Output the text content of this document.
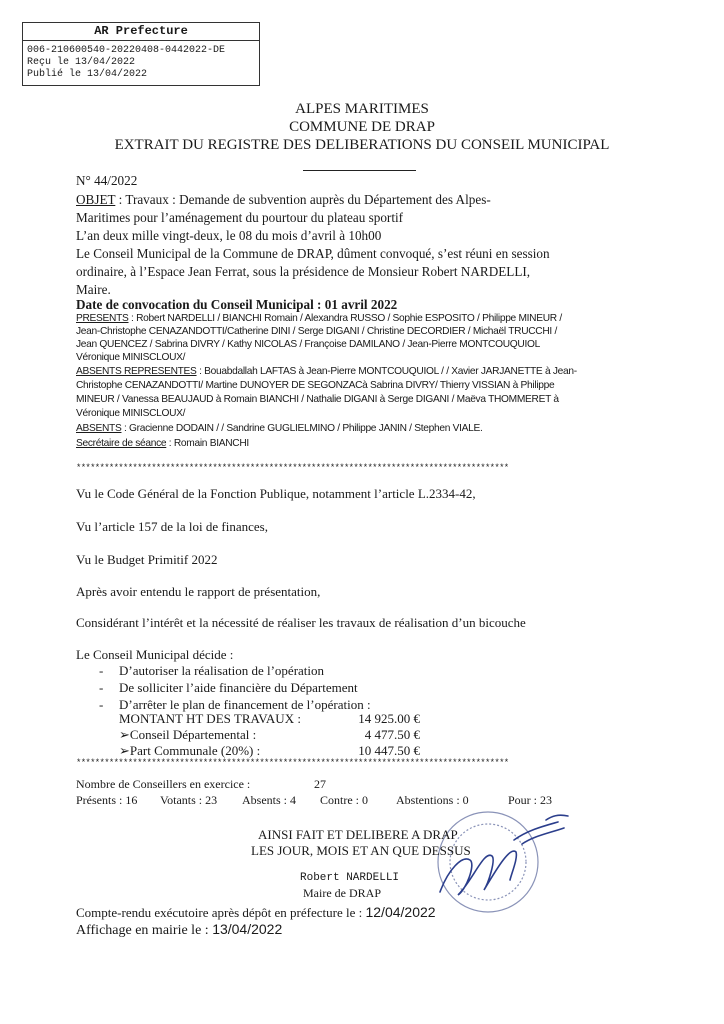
AR Prefecture
006-210600540-20220408-0442022-DE
Reçu le 13/04/2022
Publié le 13/04/2022
ALPES MARITIMES
COMMUNE DE DRAP
EXTRAIT DU REGISTRE DES DELIBERATIONS DU CONSEIL MUNICIPAL
N° 44/2022
OBJET : Travaux : Demande de subvention auprès du Département des Alpes-
Maritimes pour l’aménagement du pourtour du plateau sportif
L’an deux mille vingt-deux, le 08 du mois d’avril à 10h00
Le Conseil Municipal de la Commune de DRAP, dûment convoqué, s’est réuni en session
ordinaire, à l’Espace Jean Ferrat, sous la présidence de Monsieur Robert NARDELLI,
Maire.
Date de convocation du Conseil Municipal : 01 avril 2022
PRESENTS : Robert NARDELLI / BIANCHI Romain / Alexandra RUSSO / Sophie ESPOSITO / Philippe MINEUR /
Jean-Christophe CENAZANDOTTI/Catherine DINI / Serge DIGANI / Christine DECORDIER / Michaël TRUCCHI /
Jean QUENCEZ / Sabrina DIVRY / Kathy NICOLAS / Françoise DAMILANO / Jean-Pierre MONTCOUQUIOL
Véronique MINISCLOUX/
ABSENTS REPRESENTES : Bouabdallah LAFTAS à Jean-Pierre MONTCOUQUIOL / / Xavier JARJANETTE à Jean-
Christophe CENAZANDOTTI/ Martine DUNOYER DE SEGONZACà Sabrina DIVRY/ Thierry VISSIAN à Philippe
MINEUR / Vanessa BEAUJAUD à Romain BIANCHI / Nathalie DIGANI à Serge DIGANI / Maëva THOMMERET à
Véronique MINISCLOUX/
ABSENTS : Gracienne DODAIN / / Sandrine GUGLIELMINO / Philippe JANIN / Stephen VIALE.
Secrétaire de séance : Romain BIANCHI
********************************************************************************************
Vu le Code Général de la Fonction Publique, notamment l’article L.2334-42,
Vu l’article 157 de la loi de finances,
Vu le Budget Primitif 2022
Après avoir entendu le rapport de présentation,
Considérant l’intérêt et la nécessité de réaliser les travaux de réalisation d’un bicouche
Le Conseil Municipal décide :
- D’autoriser la réalisation de l’opération
- De solliciter l’aide financière du Département
- D’arrêter le plan de financement de l’opération :
MONTANT HT DES TRAVAUX :	14 925.00 €
➢Conseil Départemental :	4 477.50 €
➢Part Communale (20%) :	10 447.50 €
********************************************************************************************
Nombre de Conseillers en exercice :	27
Présents : 16 Votants : 23 Absents : 4 Contre : 0 Abstentions : 0	Pour : 23
AINSI FAIT ET DELIBERE A DRAP
LES JOUR, MOIS ET AN QUE DESSUS
Robert NARDELLI
Maire de DRAP
Compte-rendu exécutoire après dépôt en préfecture le : 12/04/2022
Affichage en mairie le : 13/04/2022
